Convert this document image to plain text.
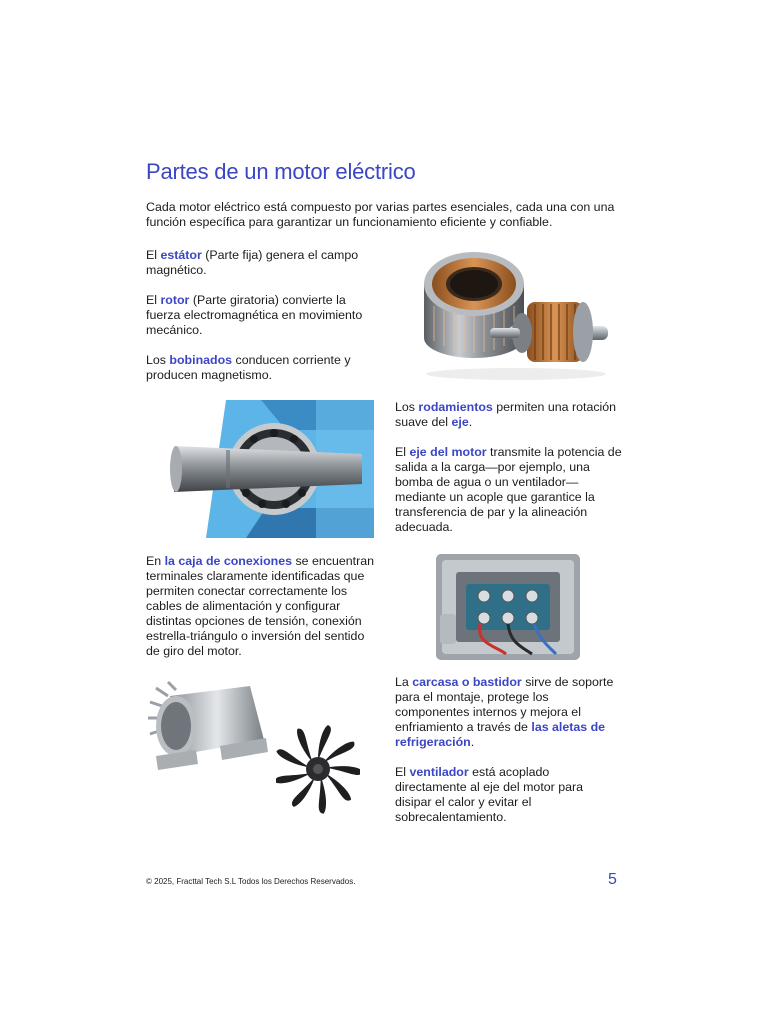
Partes de un motor eléctrico

Cada motor eléctrico está compuesto por varias partes esenciales, cada una con una función específica para garantizar un funcionamiento eficiente y confiable.

El estátor (Parte fija) genera el campo magnético.

El rotor (Parte giratoria) convierte la fuerza electromagnética en movimiento mecánico.

Los bobinados conducen corriente y producen magnetismo.

Los rodamientos permiten una rotación suave del eje.

El eje del motor transmite la potencia de salida a la carga—por ejemplo, una bomba de agua o un ventilador—mediante un acople que garantice la transferencia de par y la alineación adecuada.

En la caja de conexiones se encuentran terminales claramente identificadas que permiten conectar correctamente los cables de alimentación y configurar distintas opciones de tensión, conexión estrella-triángulo o inversión del sentido de giro del motor.

La carcasa o bastidor sirve de soporte para el montaje, protege los componentes internos y mejora el enfriamiento a través de las aletas de refrigeración.

El ventilador está acoplado directamente al eje del motor para disipar el calor y evitar el sobrecalentamiento.

© 2025, Fracttal Tech S.L Todos los Derechos Reservados.	5
